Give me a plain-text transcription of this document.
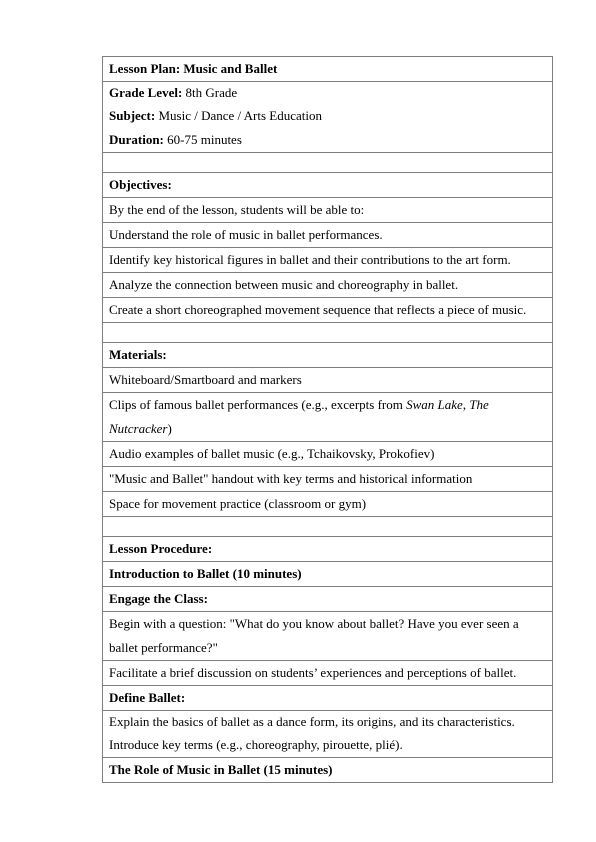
Lesson Plan: Music and Ballet
Grade Level: 8th Grade
Subject: Music / Dance / Arts Education
Duration: 60-75 minutes
Objectives:
By the end of the lesson, students will be able to:
Understand the role of music in ballet performances.
Identify key historical figures in ballet and their contributions to the art form.
Analyze the connection between music and choreography in ballet.
Create a short choreographed movement sequence that reflects a piece of music.
Materials:
Whiteboard/Smartboard and markers
Clips of famous ballet performances (e.g., excerpts from Swan Lake, The Nutcracker)
Audio examples of ballet music (e.g., Tchaikovsky, Prokofiev)
"Music and Ballet" handout with key terms and historical information
Space for movement practice (classroom or gym)
Lesson Procedure:
Introduction to Ballet (10 minutes)
Engage the Class:
Begin with a question: "What do you know about ballet? Have you ever seen a ballet performance?"
Facilitate a brief discussion on students’ experiences and perceptions of ballet.
Define Ballet:
Explain the basics of ballet as a dance form, its origins, and its characteristics.
Introduce key terms (e.g., choreography, pirouette, plié).
The Role of Music in Ballet (15 minutes)
